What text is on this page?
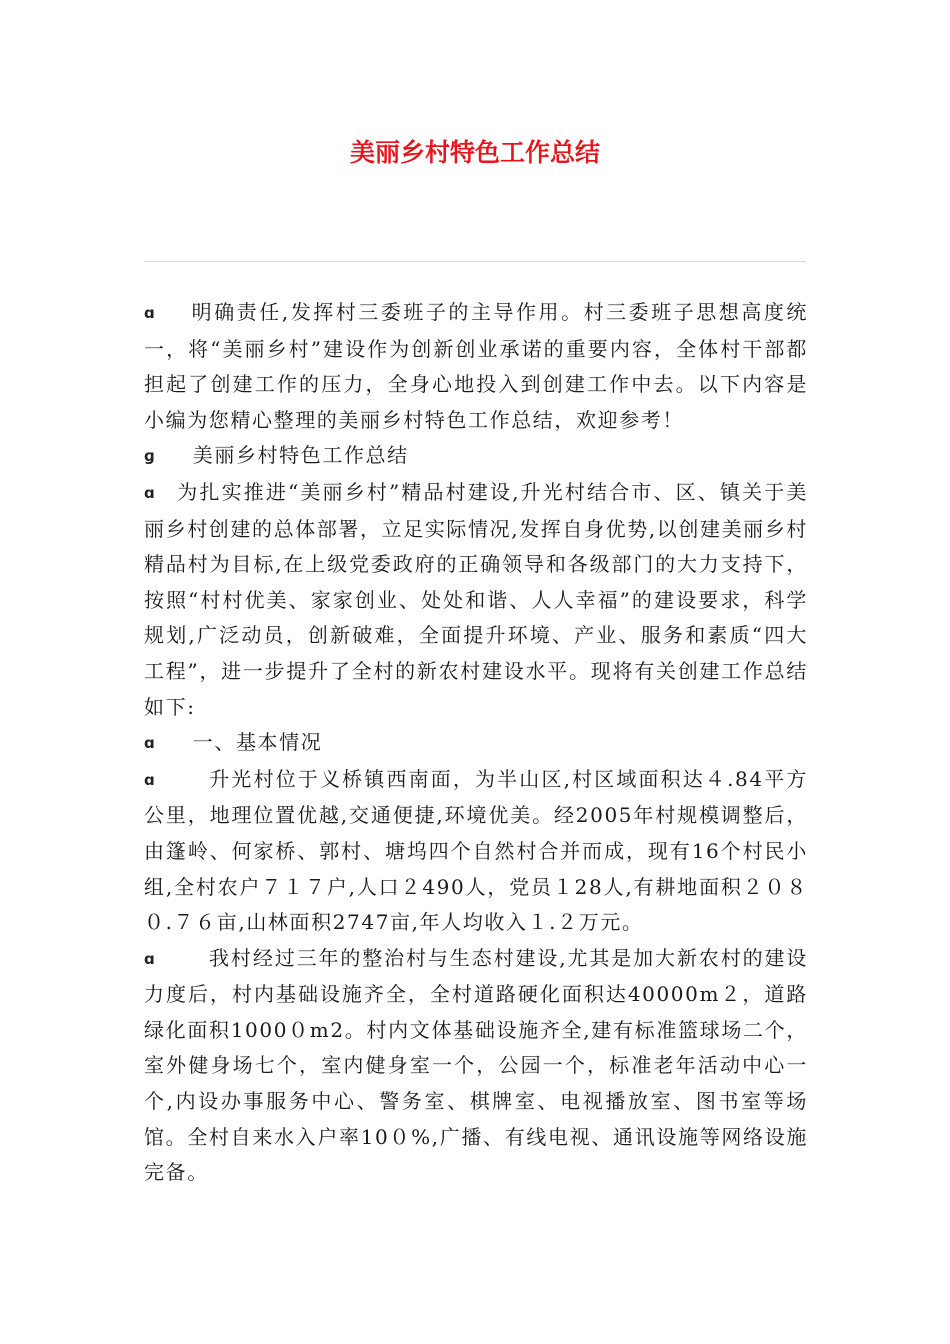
美丽乡村特色工作总结

ɑ 明确责任,发挥村三委班子的主导作用。村三委班子思想高度统一，将“美丽乡村”建设作为创新创业承诺的重要内容，全体村干部都担起了创建工作的压力，全身心地投入到创建工作中去。以下内容是小编为您精心整理的美丽乡村特色工作总结，欢迎参考！

ɡ 美丽乡村特色工作总结

ɑ 为扎实推进“美丽乡村”精品村建设,升光村结合市、区、镇关于美丽乡村创建的总体部署，立足实际情况,发挥自身优势,以创建美丽乡村精品村为目标,在上级党委政府的正确领导和各级部门的大力支持下，按照“村村优美、家家创业、处处和谐、人人幸福”的建设要求，科学规划,广泛动员，创新破难，全面提升环境、产业、服务和素质“四大工程”，进一步提升了全村的新农村建设水平。现将有关创建工作总结如下:

ɑ 一、基本情况

ɑ	升光村位于义桥镇西南面，为半山区,村区域面积达４.84平方公里，地理位置优越,交通便捷,环境优美。经2005年村规模调整后，由篷岭、何家桥、郭村、塘坞四个自然村合并而成，现有16个村民小组,全村农户７１７户,人口２490人，党员１28人,有耕地面积２０８０.７６亩,山林面积2747亩,年人均收入１.２万元。

ɑ	我村经过三年的整治村与生态村建设,尤其是加大新农村的建设力度后，村内基础设施齐全，全村道路硬化面积达40000m２，道路绿化面积1000０m2。村内文体基础设施齐全,建有标准篮球场二个，室外健身场七个，室内健身室一个，公园一个，标准老年活动中心一个,内设办事服务中心、警务室、棋牌室、电视播放室、图书室等场馆。全村自来水入户率10０%,广播、有线电视、通讯设施等网络设施完备。
